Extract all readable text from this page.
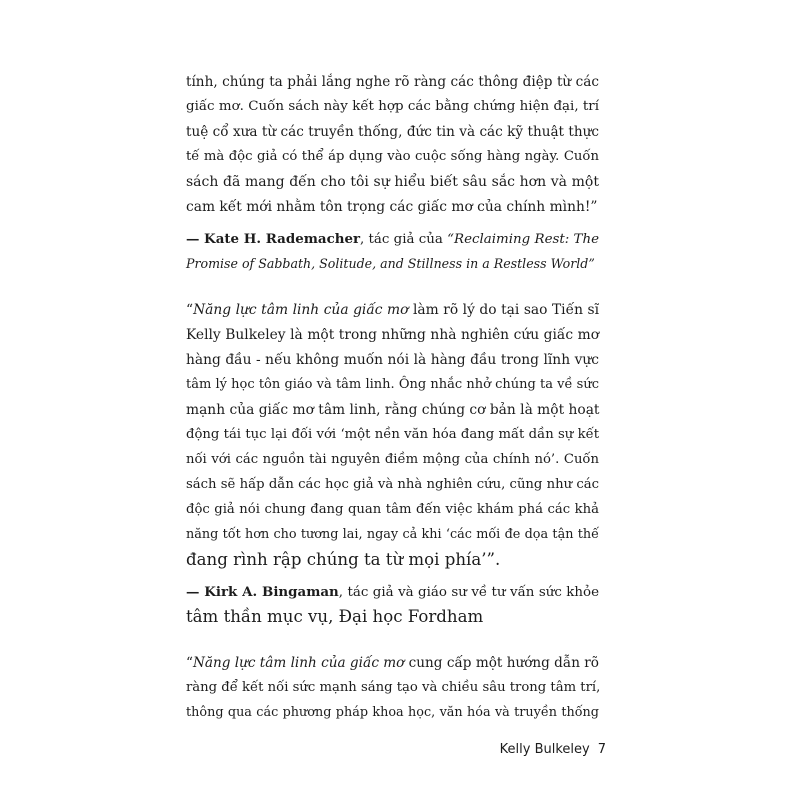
tính, chúng ta phải lắng nghe rõ ràng các thông điệp từ các
giấc mơ. Cuốn sách này kết hợp các bằng chứng hiện đại, trí
tuệ cổ xưa từ các truyền thống, đức tin và các kỹ thuật thực
tế mà độc giả có thể áp dụng vào cuộc sống hàng ngày. Cuốn
sách đã mang đến cho tôi sự hiểu biết sâu sắc hơn và một
cam kết mới nhằm tôn trọng các giấc mơ của chính mình!”
— Kate H. Rademacher, tác giả của “Reclaiming Rest: The
Promise of Sabbath, Solitude, and Stillness in a Restless World”
“Năng lực tâm linh của giấc mơ làm rõ lý do tại sao Tiến sĩ
Kelly Bulkeley là một trong những nhà nghiên cứu giấc mơ
hàng đầu - nếu không muốn nói là hàng đầu trong lĩnh vực
tâm lý học tôn giáo và tâm linh. Ông nhắc nhở chúng ta về sức
mạnh của giấc mơ tâm linh, rằng chúng cơ bản là một hoạt
động tái tục lại đối với ‘một nền văn hóa đang mất dần sự kết
nối với các nguồn tài nguyên điềm mộng của chính nó’. Cuốn
sách sẽ hấp dẫn các học giả và nhà nghiên cứu, cũng như các
độc giả nói chung đang quan tâm đến việc khám phá các khả
năng tốt hơn cho tương lai, ngay cả khi ‘các mối đe dọa tận thế
đang rình rập chúng ta từ mọi phía’”.
— Kirk A. Bingaman, tác giả và giáo sư về tư vấn sức khỏe
tâm thần mục vụ, Đại học Fordham
“Năng lực tâm linh của giấc mơ cung cấp một hướng dẫn rõ
ràng để kết nối sức mạnh sáng tạo và chiều sâu trong tâm trí,
thông qua các phương pháp khoa học, văn hóa và truyền thống
Kelly Bulkeley 7
